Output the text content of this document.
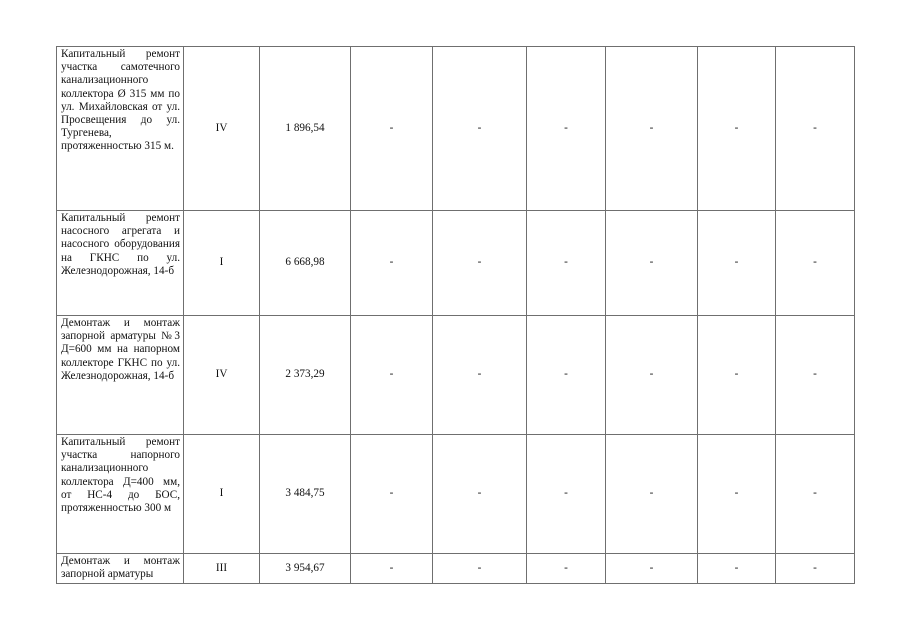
Капитальный ремонт участка самотечного канализационного коллектора Ø 315 мм по ул. Михайловская от ул. Просвещения до ул. Тургенева, протяженностью 315 м.	IV	1 896,54	-	-	-	-	-	-

Капитальный ремонт насосного агрегата и насосного оборудования на ГКНС по ул. Железнодорожная, 14-б	I	6 668,98	-	-	-	-	-	-

Демонтаж и монтаж запорной арматуры №3 Д=600 мм на напорном коллекторе ГКНС по ул. Железнодорожная, 14-б	IV	2 373,29	-	-	-	-	-	-

Капитальный ремонт участка напорного канализационного коллектора Д=400 мм, от НС-4 до БОС, протяженностью 300 м	I	3 484,75	-	-	-	-	-	-

Демонтаж и монтаж запорной арматуры	III	3 954,67	-	-	-	-	-	-
